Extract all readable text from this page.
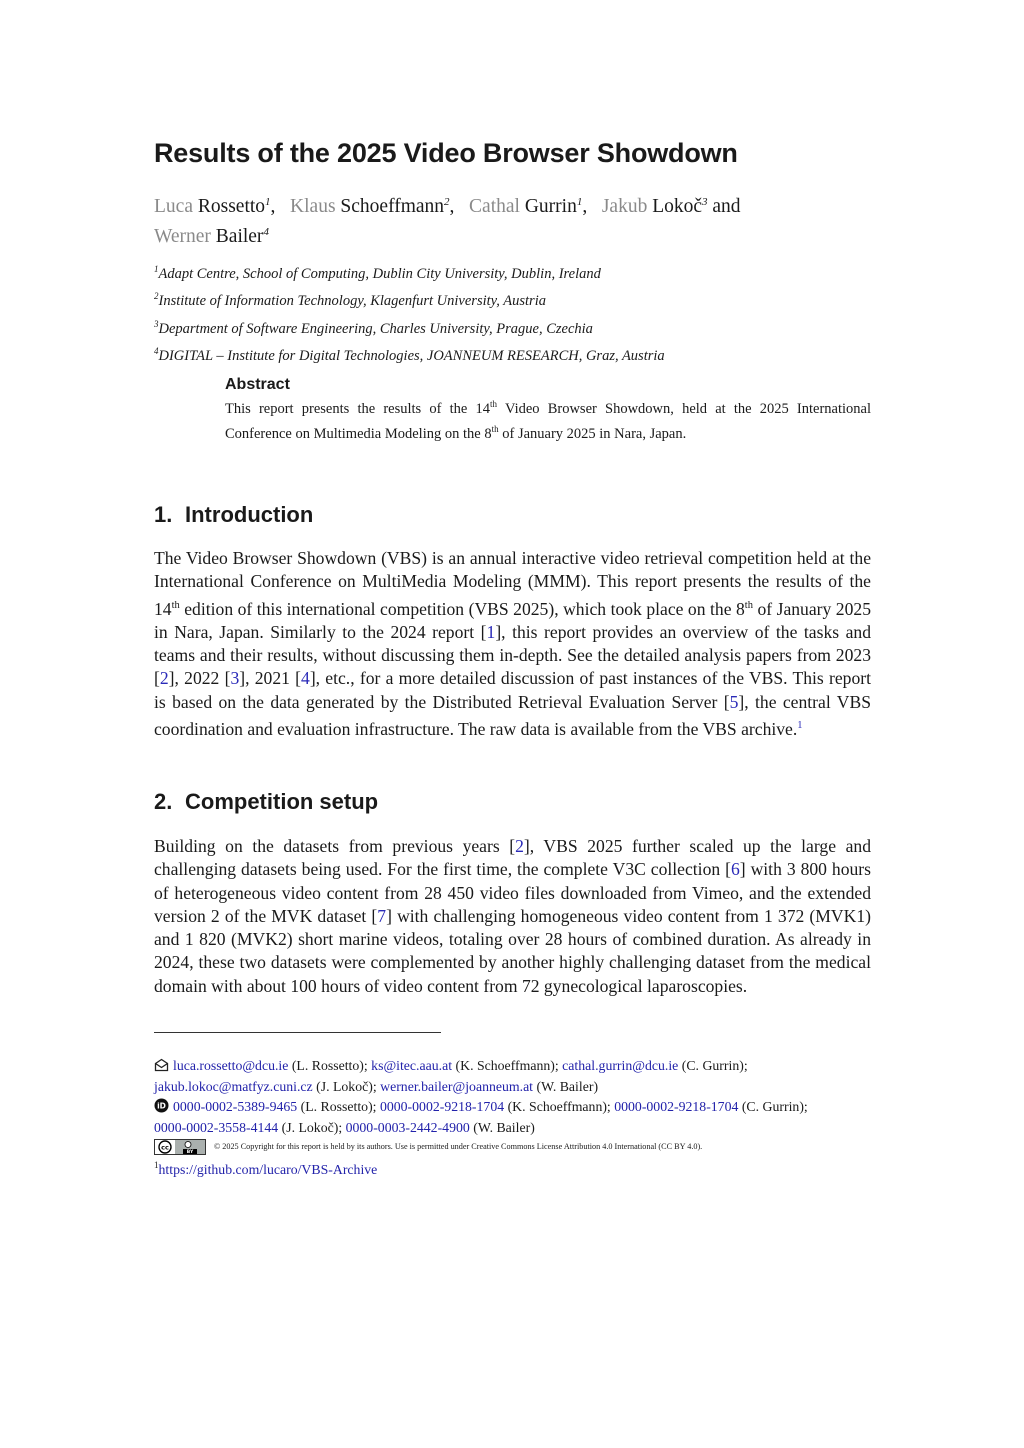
Results of the 2025 Video Browser Showdown
Luca Rossetto$^1$,   Klaus Schoeffmann$^2$,   Cathal Gurrin$^1$,   Jakub Lokoč$^3$ and
Werner Bailer$^4$
$^1$Adapt Centre, School of Computing, Dublin City University, Dublin, Ireland
$^2$Institute of Information Technology, Klagenfurt University, Austria
$^3$Department of Software Engineering, Charles University, Prague, Czechia
$^4$DIGITAL – Institute for Digital Technologies, JOANNEUM RESEARCH, Graz, Austria
Abstract

This report presents the results of the 14th Video Browser Showdown, held at the 2025 International Conference on Multimedia Modeling on the 8th of January 2025 in Nara, Japan.

1. Introduction

The Video Browser Showdown (VBS) is an annual interactive video retrieval competition held at the International Conference on MultiMedia Modeling (MMM). This report presents the results of the 14th edition of this international competition (VBS 2025), which took place on the 8th of January 2025 in Nara, Japan. Similarly to the 2024 report [1], this report provides an overview of the tasks and teams and their results, without discussing them in-depth. See the detailed analysis papers from 2023 [2], 2022 [3], 2021 [4], etc., for a more detailed discussion of past instances of the VBS. This report is based on the data generated by the Distributed Retrieval Evaluation Server [5], the central VBS coordination and evaluation infrastructure. The raw data is available from the VBS archive.$^1$

2. Competition setup

Building on the datasets from previous years [2], VBS 2025 further scaled up the large and challenging datasets being used. For the first time, the complete V3C collection [6] with 3 800 hours of heterogeneous video content from 28 450 video files downloaded from Vimeo, and the extended version 2 of the MVK dataset [7] with challenging homogeneous video content from 1 372 (MVK1) and 1 820 (MVK2) short marine videos, totaling over 28 hours of combined duration. As already in 2024, these two datasets were complemented by another highly challenging dataset from the medical domain with about 100 hours of video content from 72 gynecological laparoscopies.

luca.rossetto@dcu.ie (L. Rossetto); ks@itec.aau.at (K. Schoeffmann); cathal.gurrin@dcu.ie (C. Gurrin);
jakub.lokoc@matfyz.cuni.cz (J. Lokoč); werner.bailer@joanneum.at (W. Bailer)
iD 0000-0002-5389-9465 (L. Rossetto); 0000-0002-9218-1704 (K. Schoeffmann); 0000-0002-9218-1704 (C. Gurrin);
0000-0002-3558-4144 (J. Lokoč); 0000-0003-2442-4900 (W. Bailer)
cc
BY
© 2025 Copyright for this report is held by its authors. Use is permitted under Creative Commons License Attribution 4.0 International (CC BY 4.0).
$^1$https://github.com/lucaro/VBS-Archive
